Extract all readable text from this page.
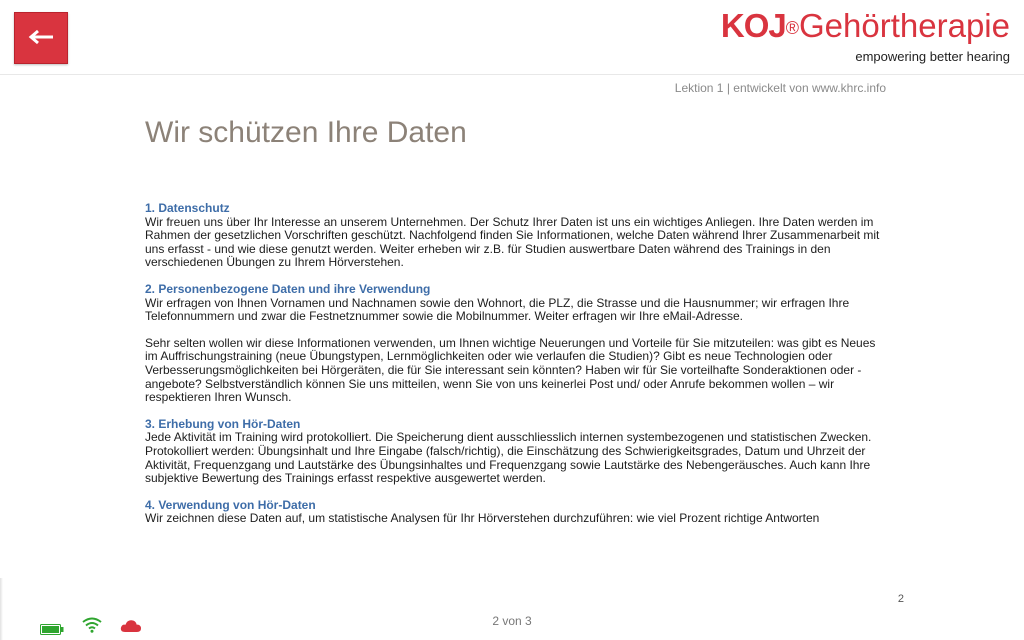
KOJ®Gehörtherapie
empowering better hearing
Lektion 1 | entwickelt von www.khrc.info
Wir schützen Ihre Daten
1. Datenschutz
Wir freuen uns über Ihr Interesse an unserem Unternehmen. Der Schutz Ihrer Daten ist uns ein wichtiges Anliegen. Ihre Daten werden im Rahmen der gesetzlichen Vorschriften geschützt. Nachfolgend finden Sie Informationen, welche Daten während Ihrer Zusammenarbeit mit uns erfasst - und wie diese genutzt werden. Weiter erheben wir z.B. für Studien auswertbare Daten während des Trainings in den verschiedenen Übungen zu Ihrem Hörverstehen.
2. Personenbezogene Daten und ihre Verwendung
Wir erfragen von Ihnen Vornamen und Nachnamen sowie den Wohnort, die PLZ, die Strasse und die Hausnummer; wir erfragen Ihre Telefonnummern und zwar die Festnetznummer sowie die Mobilnummer. Weiter erfragen wir Ihre eMail-Adresse.
Sehr selten wollen wir diese Informationen verwenden, um Ihnen wichtige Neuerungen und Vorteile für Sie mitzuteilen: was gibt es Neues im Auffrischungstraining (neue Übungstypen, Lernmöglichkeiten oder wie verlaufen die Studien)? Gibt es neue Technologien oder Verbesserungsmöglichkeiten bei Hörgeräten, die für Sie interessant sein könnten? Haben wir für Sie vorteilhafte Sonderaktionen oder -angebote? Selbstverständlich können Sie uns mitteilen, wenn Sie von uns keinerlei Post und/ oder Anrufe bekommen wollen – wir respektieren Ihren Wunsch.
3. Erhebung von Hör-Daten
Jede Aktivität im Training wird protokolliert. Die Speicherung dient ausschliesslich internen systembezogenen und statistischen Zwecken. Protokolliert werden: Übungsinhalt und Ihre Eingabe (falsch/richtig), die Einschätzung des Schwierigkeitsgrades, Datum und Uhrzeit der Aktivität, Frequenzgang und Lautstärke des Übungsinhaltes und Frequenzgang sowie Lautstärke des Nebengeräusches. Auch kann Ihre subjektive Bewertung des Trainings erfasst respektive ausgewertet werden.
4. Verwendung von Hör-Daten
Wir zeichnen diese Daten auf, um statistische Analysen für Ihr Hörverstehen durchzuführen: wie viel Prozent richtige Antworten
2
2 von 3
